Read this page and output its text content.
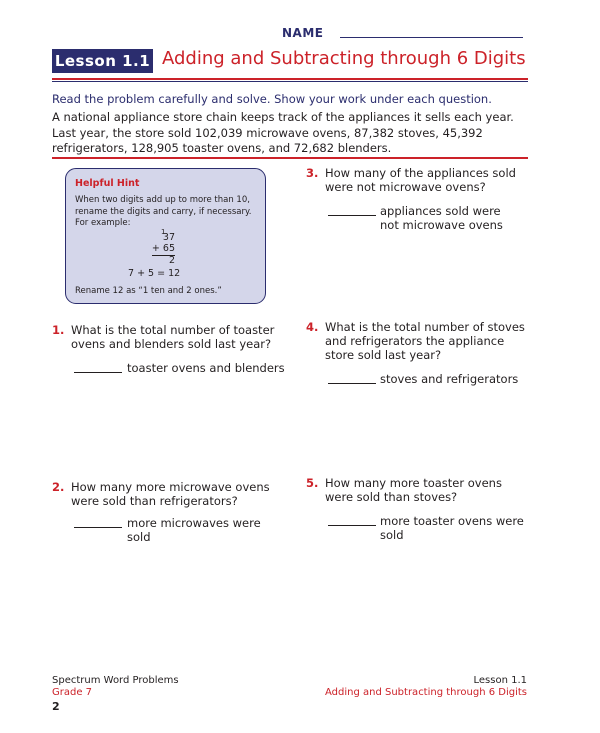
NAME
Lesson 1.1 Adding and Subtracting through 6 Digits
Read the problem carefully and solve. Show your work under each question.
A national appliance store chain keeps track of the appliances it sells each year. Last year, the store sold 102,039 microwave ovens, 87,382 stoves, 45,392 refrigerators, 128,905 toaster ovens, and 72,682 blenders.
Helpful Hint
When two digits add up to more than 10, rename the digits and carry, if necessary. For example:
1
37
+ 65
2
7 + 5 = 12
Rename 12 as “1 ten and 2 ones.”
1. What is the total number of toaster ovens and blenders sold last year?
toaster ovens and blenders
2. How many more microwave ovens were sold than refrigerators?
more microwaves were sold
3. How many of the appliances sold were not microwave ovens?
appliances sold were not microwave ovens
4. What is the total number of stoves and refrigerators the appliance store sold last year?
stoves and refrigerators
5. How many more toaster ovens were sold than stoves?
more toaster ovens were sold
Spectrum Word Problems
Grade 7
2
Lesson 1.1
Adding and Subtracting through 6 Digits
